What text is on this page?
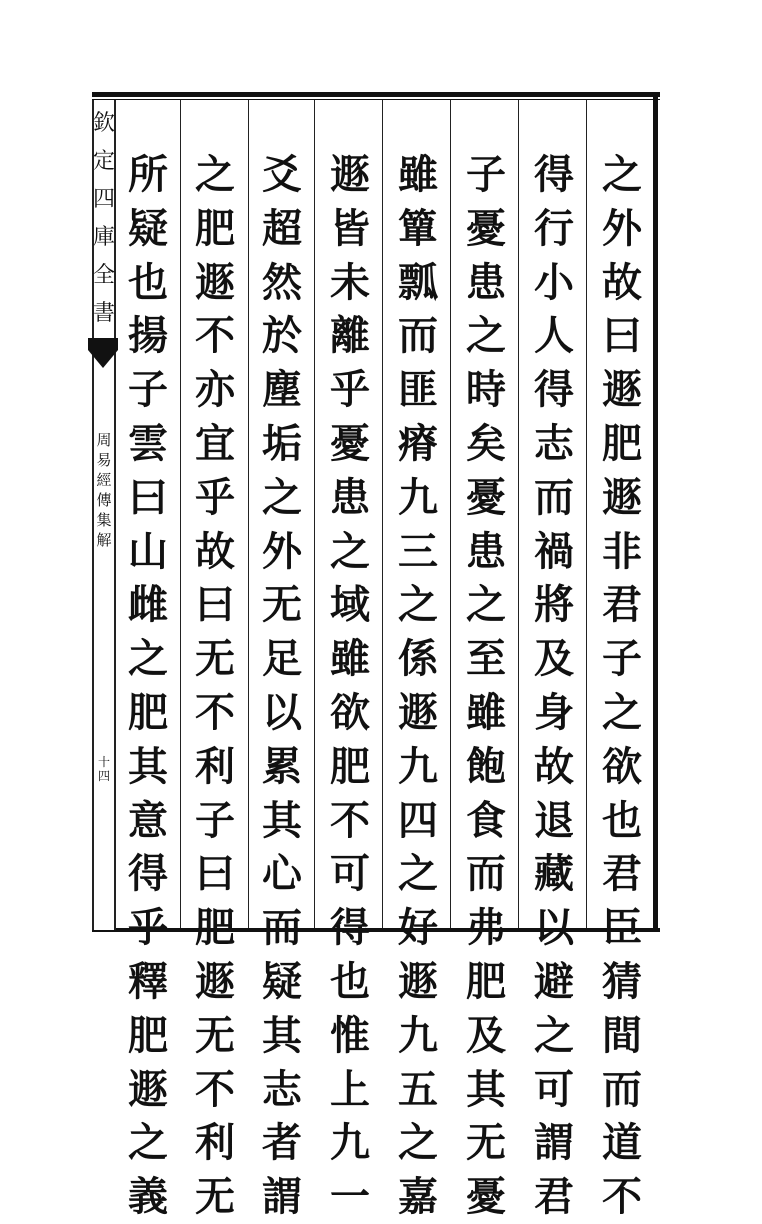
欽
定
四
庫
全
書
周
易
經
傳
集
解
十
四
之
外
故
曰
遯
肥
遯
非
君
子
之
欲
也
君
臣
猜
間
而
道
不
得
行
小
人
得
志
而
禍
將
及
身
故
退
藏
以
避
之
可
謂
君
子
憂
患
之
時
矣
憂
患
之
至
雖
飽
食
而
弗
肥
及
其
无
憂
雖
簞
瓢
而
匪
瘠
九
三
之
係
遯
九
四
之
好
遯
九
五
之
嘉
遯
皆
未
離
乎
憂
患
之
域
雖
欲
肥
不
可
得
也
惟
上
九
一
爻
超
然
於
塵
垢
之
外
无
足
以
累
其
心
而
疑
其
志
者
謂
之
肥
遯
不
亦
宜
乎
故
曰
无
不
利
子
曰
肥
遯
无
不
利
无
所
疑
也
揚
子
雲
曰
山
雌
之
肥
其
意
得
乎
釋
肥
遯
之
義
